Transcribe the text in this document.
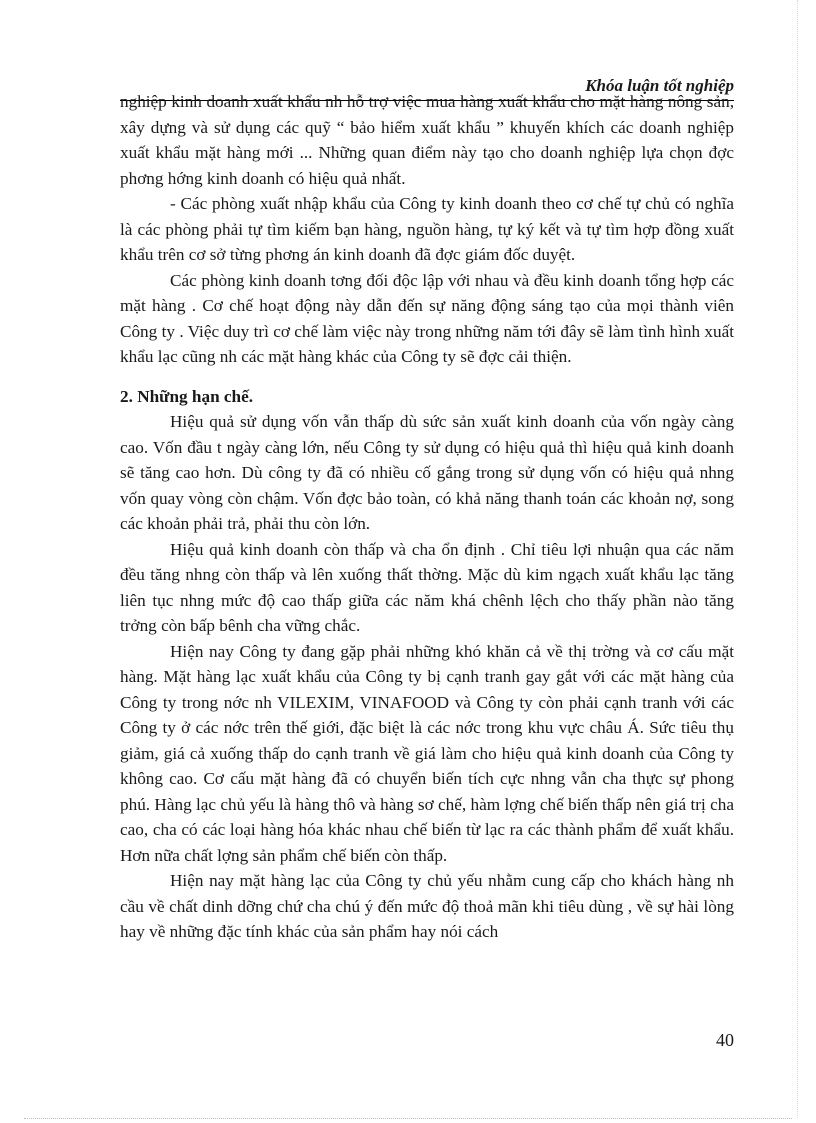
Khóa luận tốt nghiệp

nghiệp kinh doanh xuất khẩu nh hỗ trợ việc mua hàng xuất khẩu cho mặt hàng nông sản, xây dựng và sử dụng các quỹ “ bảo hiểm xuất khẩu ” khuyến khích các doanh nghiệp xuất khẩu mặt hàng mới ... Những quan điểm này tạo cho doanh nghiệp lựa chọn đợc phơng hớng kinh doanh có hiệu quả nhất.

- Các phòng xuất nhập khẩu của Công ty kinh doanh theo cơ chế tự chủ có nghĩa là các phòng phải tự tìm kiếm bạn hàng, nguồn hàng, tự ký kết và tự tìm hợp đồng xuất khẩu trên cơ sở từng phơng án kinh doanh đã đợc giám đốc duyệt.

Các phòng kinh doanh tơng đối độc lập với nhau và đều kinh doanh tổng hợp các mặt hàng . Cơ chế hoạt động này dẫn đến sự năng động sáng tạo của mọi thành viên Công ty . Việc duy trì cơ chế làm việc này trong những năm tới đây sẽ làm tình hình xuất khẩu lạc cũng nh các mặt hàng khác của Công ty sẽ đợc cải thiện.

2. Những hạn chế.

Hiệu quả sử dụng vốn vẫn thấp dù sức sản xuất kinh doanh của vốn ngày càng cao. Vốn đầu t ngày càng lớn, nếu Công ty sử dụng có hiệu quả thì hiệu quả kinh doanh sẽ tăng cao hơn. Dù công ty đã có nhiều cố gắng trong sử dụng vốn có hiệu quả nhng vốn quay vòng còn chậm. Vốn đợc bảo toàn, có khả năng thanh toán các khoản nợ, song các khoản phải trả, phải thu còn lớn.

Hiệu quả kinh doanh còn thấp và cha ổn định . Chỉ tiêu lợi nhuận qua các năm đều tăng nhng còn thấp và lên xuống thất thờng. Mặc dù kim ngạch xuất khẩu lạc tăng liên tục nhng mức độ cao thấp giữa các năm khá chênh lệch cho thấy phần nào tăng trởng còn bấp bênh cha vững chắc.

Hiện nay Công ty đang gặp phải những khó khăn cả về thị trờng và cơ cấu mặt hàng. Mặt hàng lạc xuất khẩu của Công ty bị cạnh tranh gay gắt với các mặt hàng của Công ty trong nớc nh VILEXIM, VINAFOOD và Công ty còn phải cạnh tranh với các Công ty ở các nớc trên thế giới, đặc biệt là các nớc trong khu vực châu Á. Sức tiêu thụ giảm, giá cả xuống thấp do cạnh tranh về giá làm cho hiệu quả kinh doanh của Công ty không cao. Cơ cấu mặt hàng đã có chuyển biến tích cực nhng vẫn cha thực sự phong phú. Hàng lạc chủ yếu là hàng thô và hàng sơ chế, hàm lợng chế biến thấp nên giá trị cha cao, cha có các loại hàng hóa khác nhau chế biến từ lạc ra các thành phẩm để xuất khẩu. Hơn nữa chất lợng sản phẩm chế biến còn thấp.

Hiện nay mặt hàng lạc của Công ty chủ yếu nhằm cung cấp cho khách hàng nh cầu về chất dinh dỡng chứ cha chú ý đến mức độ thoả mãn khi tiêu dùng , về sự hài lòng hay về những đặc tính khác của sản phẩm hay nói cách

40
